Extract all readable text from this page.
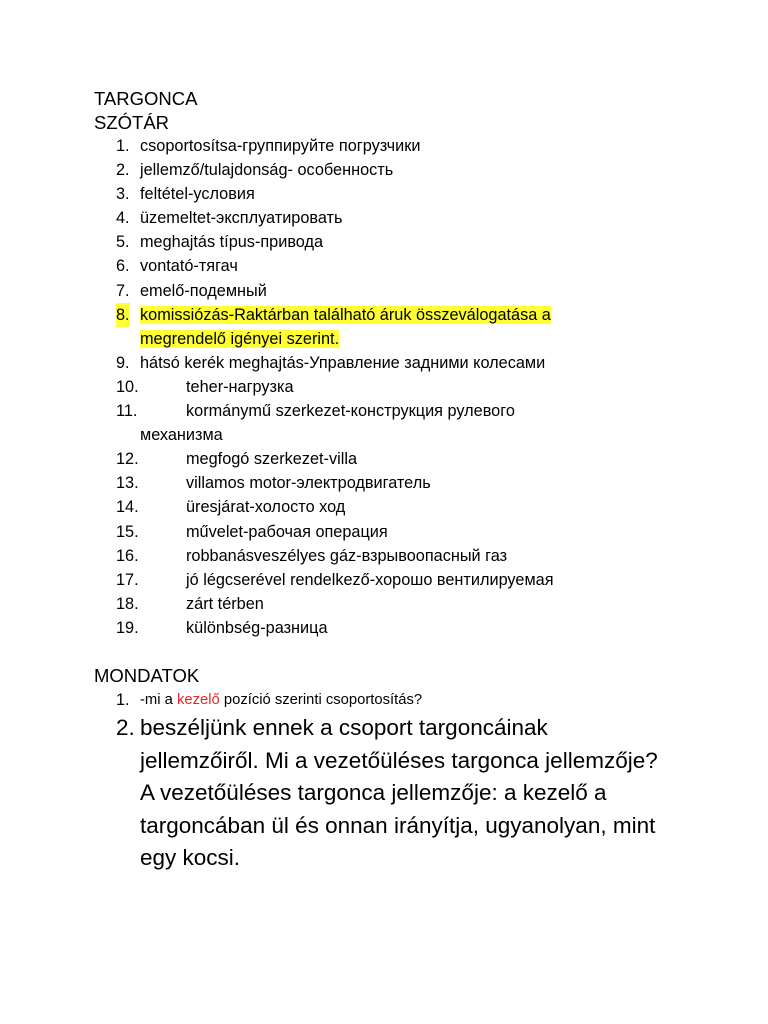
TARGONCA
SZÓTÁR
1. csoportosítsa-группируйте погрузчики
2. jellemző/tulajdonság- особенность
3. feltétel-условия
4. üzemeltet-эксплуатировать
5. meghajtás típus-привода
6. vontató-тягач
7. emelő-подемный
8. komissiózás-Raktárban található áruk összeválogatása a
megrendelő igényei szerint.
9. hátsó kerék meghajtás-Управление задними колесами
10.	teher-нагрузка
11.	kormánymű szerkezet-конструкция рулевого
механизма
12.	megfogó szerkezet-villa
13.	villamos motor-электродвигатель
14.	üresjárat-холосто ход
15.	művelet-рабочая операция
16.	robbanásveszélyes gáz-взрывоопасный газ
17.	jó légcserével rendelkező-хорошо вентилируемая
18.	zárt térben
19.	különbség-разница
MONDATOK
1. -mi a kezelő pozíció szerinti csoportosítás?
2. beszéljünk ennek a csoport targoncáinak
jellemzőiről. Mi a vezetőüléses targonca jellemzője?
A vezetőüléses targonca jellemzője: a kezelő a
targoncában ül és onnan irányítja, ugyanolyan, mint
egy kocsi.
